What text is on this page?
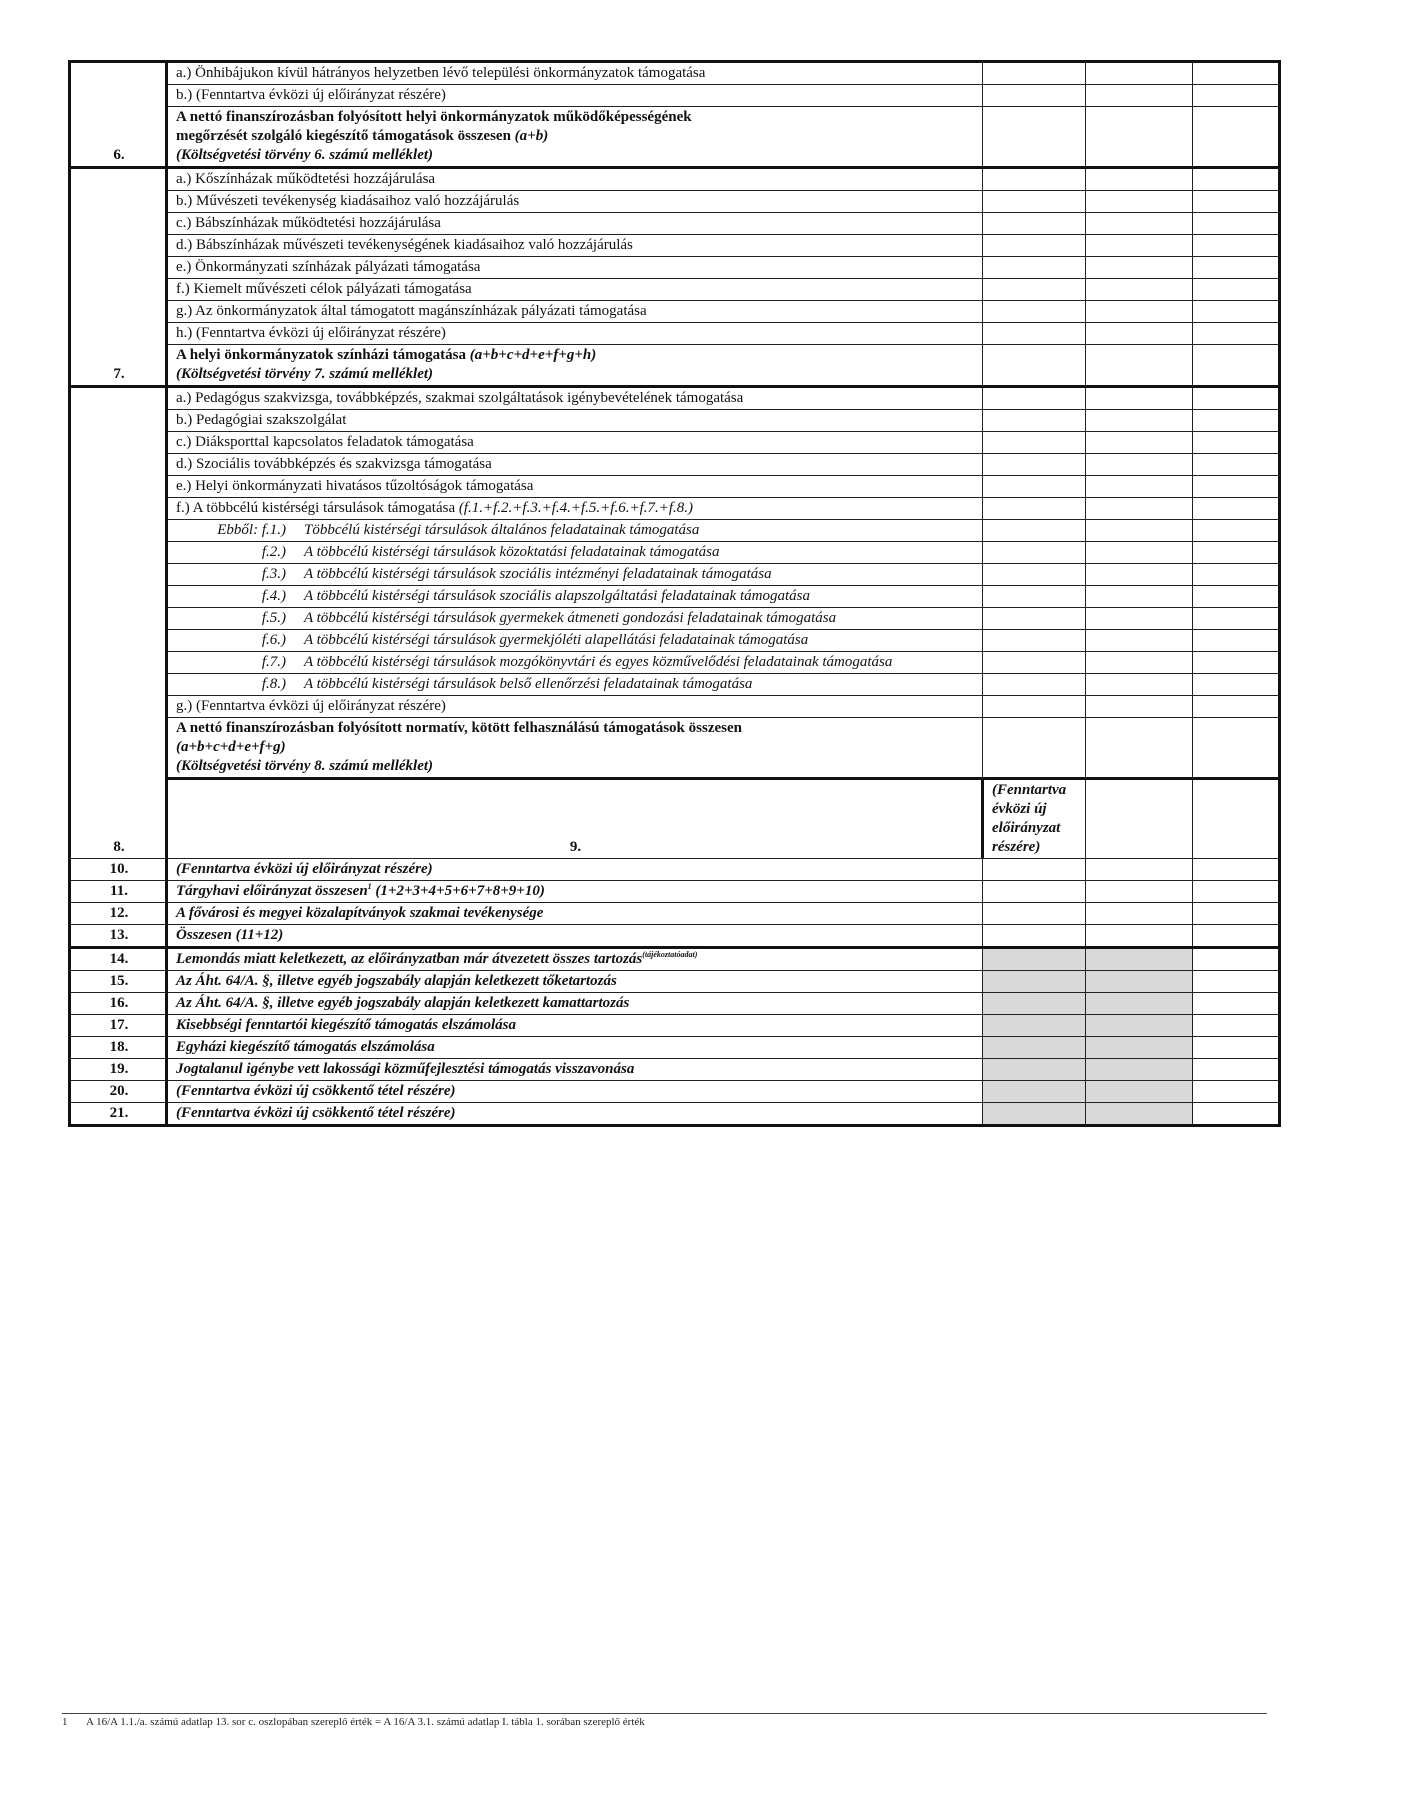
6.	a.) Önhibájukon kívül hátrányos helyzetben lévő települési önkormányzatok támogatása				
	b.) (Fenntartva évközi új előirányzat részére)				

	A nettó finanszírozásban folyósított helyi önkormányzatok működőképességének
megőrzését szolgáló kiegészítő támogatások összesen (a+b)
(Költségvetési törvény 6. számú melléklet)				

7.	a.) Kőszínházak működtetési hozzájárulása				
	b.) Művészeti tevékenység kiadásaihoz való hozzájárulás				
	c.) Bábszínházak működtetési hozzájárulása				
	d.) Bábszínházak művészeti tevékenységének kiadásaihoz való hozzájárulás				
	e.) Önkormányzati színházak pályázati támogatása				
	f.) Kiemelt művészeti célok pályázati támogatása				
	g.) Az önkormányzatok által támogatott magánszínházak pályázati támogatása				
	h.) (Fenntartva évközi új előirányzat részére)				

	A helyi önkormányzatok színházi támogatása (a+b+c+d+e+f+g+h)
(Költségvetési törvény 7. számú melléklet)				

8.	a.) Pedagógus szakvizsga, továbbképzés, szakmai szolgáltatások igénybevételének támogatása				
	b.) Pedagógiai szakszolgálat				
	c.) Diáksporttal kapcsolatos feladatok támogatása				
	d.) Szociális továbbképzés és szakvizsga támogatása				
	e.) Helyi önkormányzati hivatásos tűzoltóságok támogatása				
	f.) A többcélú kistérségi társulások támogatása (f.1.+f.2.+f.3.+f.4.+f.5.+f.6.+f.7.+f.8.)				
	Ebből: f.1.) Többcélú kistérségi társulások általános feladatainak támogatása				
	f.2.) A többcélú kistérségi társulások közoktatási feladatainak támogatása				
	f.3.) A többcélú kistérségi társulások szociális intézményi feladatainak támogatása				
	f.4.) A többcélú kistérségi társulások szociális alapszolgáltatási feladatainak támogatása				
	f.5.) A többcélú kistérségi társulások gyermekek átmeneti gondozási feladatainak támogatása				
	f.6.) A többcélú kistérségi társulások gyermekjóléti alapellátási feladatainak támogatása				

	f.7.) A többcélú kistérségi társulások mozgókönyvtári és egyes közművelődési feladatainak támogatása				

	f.8.) A többcélú kistérségi társulások belső ellenőrzési feladatainak támogatása				
	g.) (Fenntartva évközi új előirányzat részére)				

	A nettó finanszírozásban folyósított normatív, kötött felhasználású támogatások összesen
(a+b+c+d+e+f+g)
(Költségvetési törvény 8. számú melléklet)				

	9.	(Fenntartva évközi új előirányzat részére)			
10.	(Fenntartva évközi új előirányzat részére)				
11.	Tárgyhavi előirányzat összesen$^1$ (1+2+3+4+5+6+7+8+9+10)				
12.	A fővárosi és megyei közalapítványok szakmai tevékenysége				
13.	Összesen (11+12)				
14.	Lemondás miatt keletkezett, az előirányzatban már átvezetett összes tartozás$^{(tájékoztatóadat)}$			
15.	Az Áht. 64/A. §, illetve egyéb jogszabály alapján keletkezett tőketartozás				
16.	Az Áht. 64/A. §, illetve egyéb jogszabály alapján keletkezett kamattartozás				
17.	Kisebbségi fenntartói kiegészítő támogatás elszámolása				
18.	Egyházi kiegészítő támogatás elszámolása				
19.	Jogtalanul igénybe vett lakossági közműfejlesztési támogatás visszavonása				
20.	(Fenntartva évközi új csökkentő tétel részére)				
21.	(Fenntartva évközi új csökkentő tétel részére)				
1 A 16/A 1.1./a. számú adatlap 13. sor c. oszlopában szereplő érték = A 16/A 3.1. számú adatlap I. tábla 1. sorában szereplő érték
